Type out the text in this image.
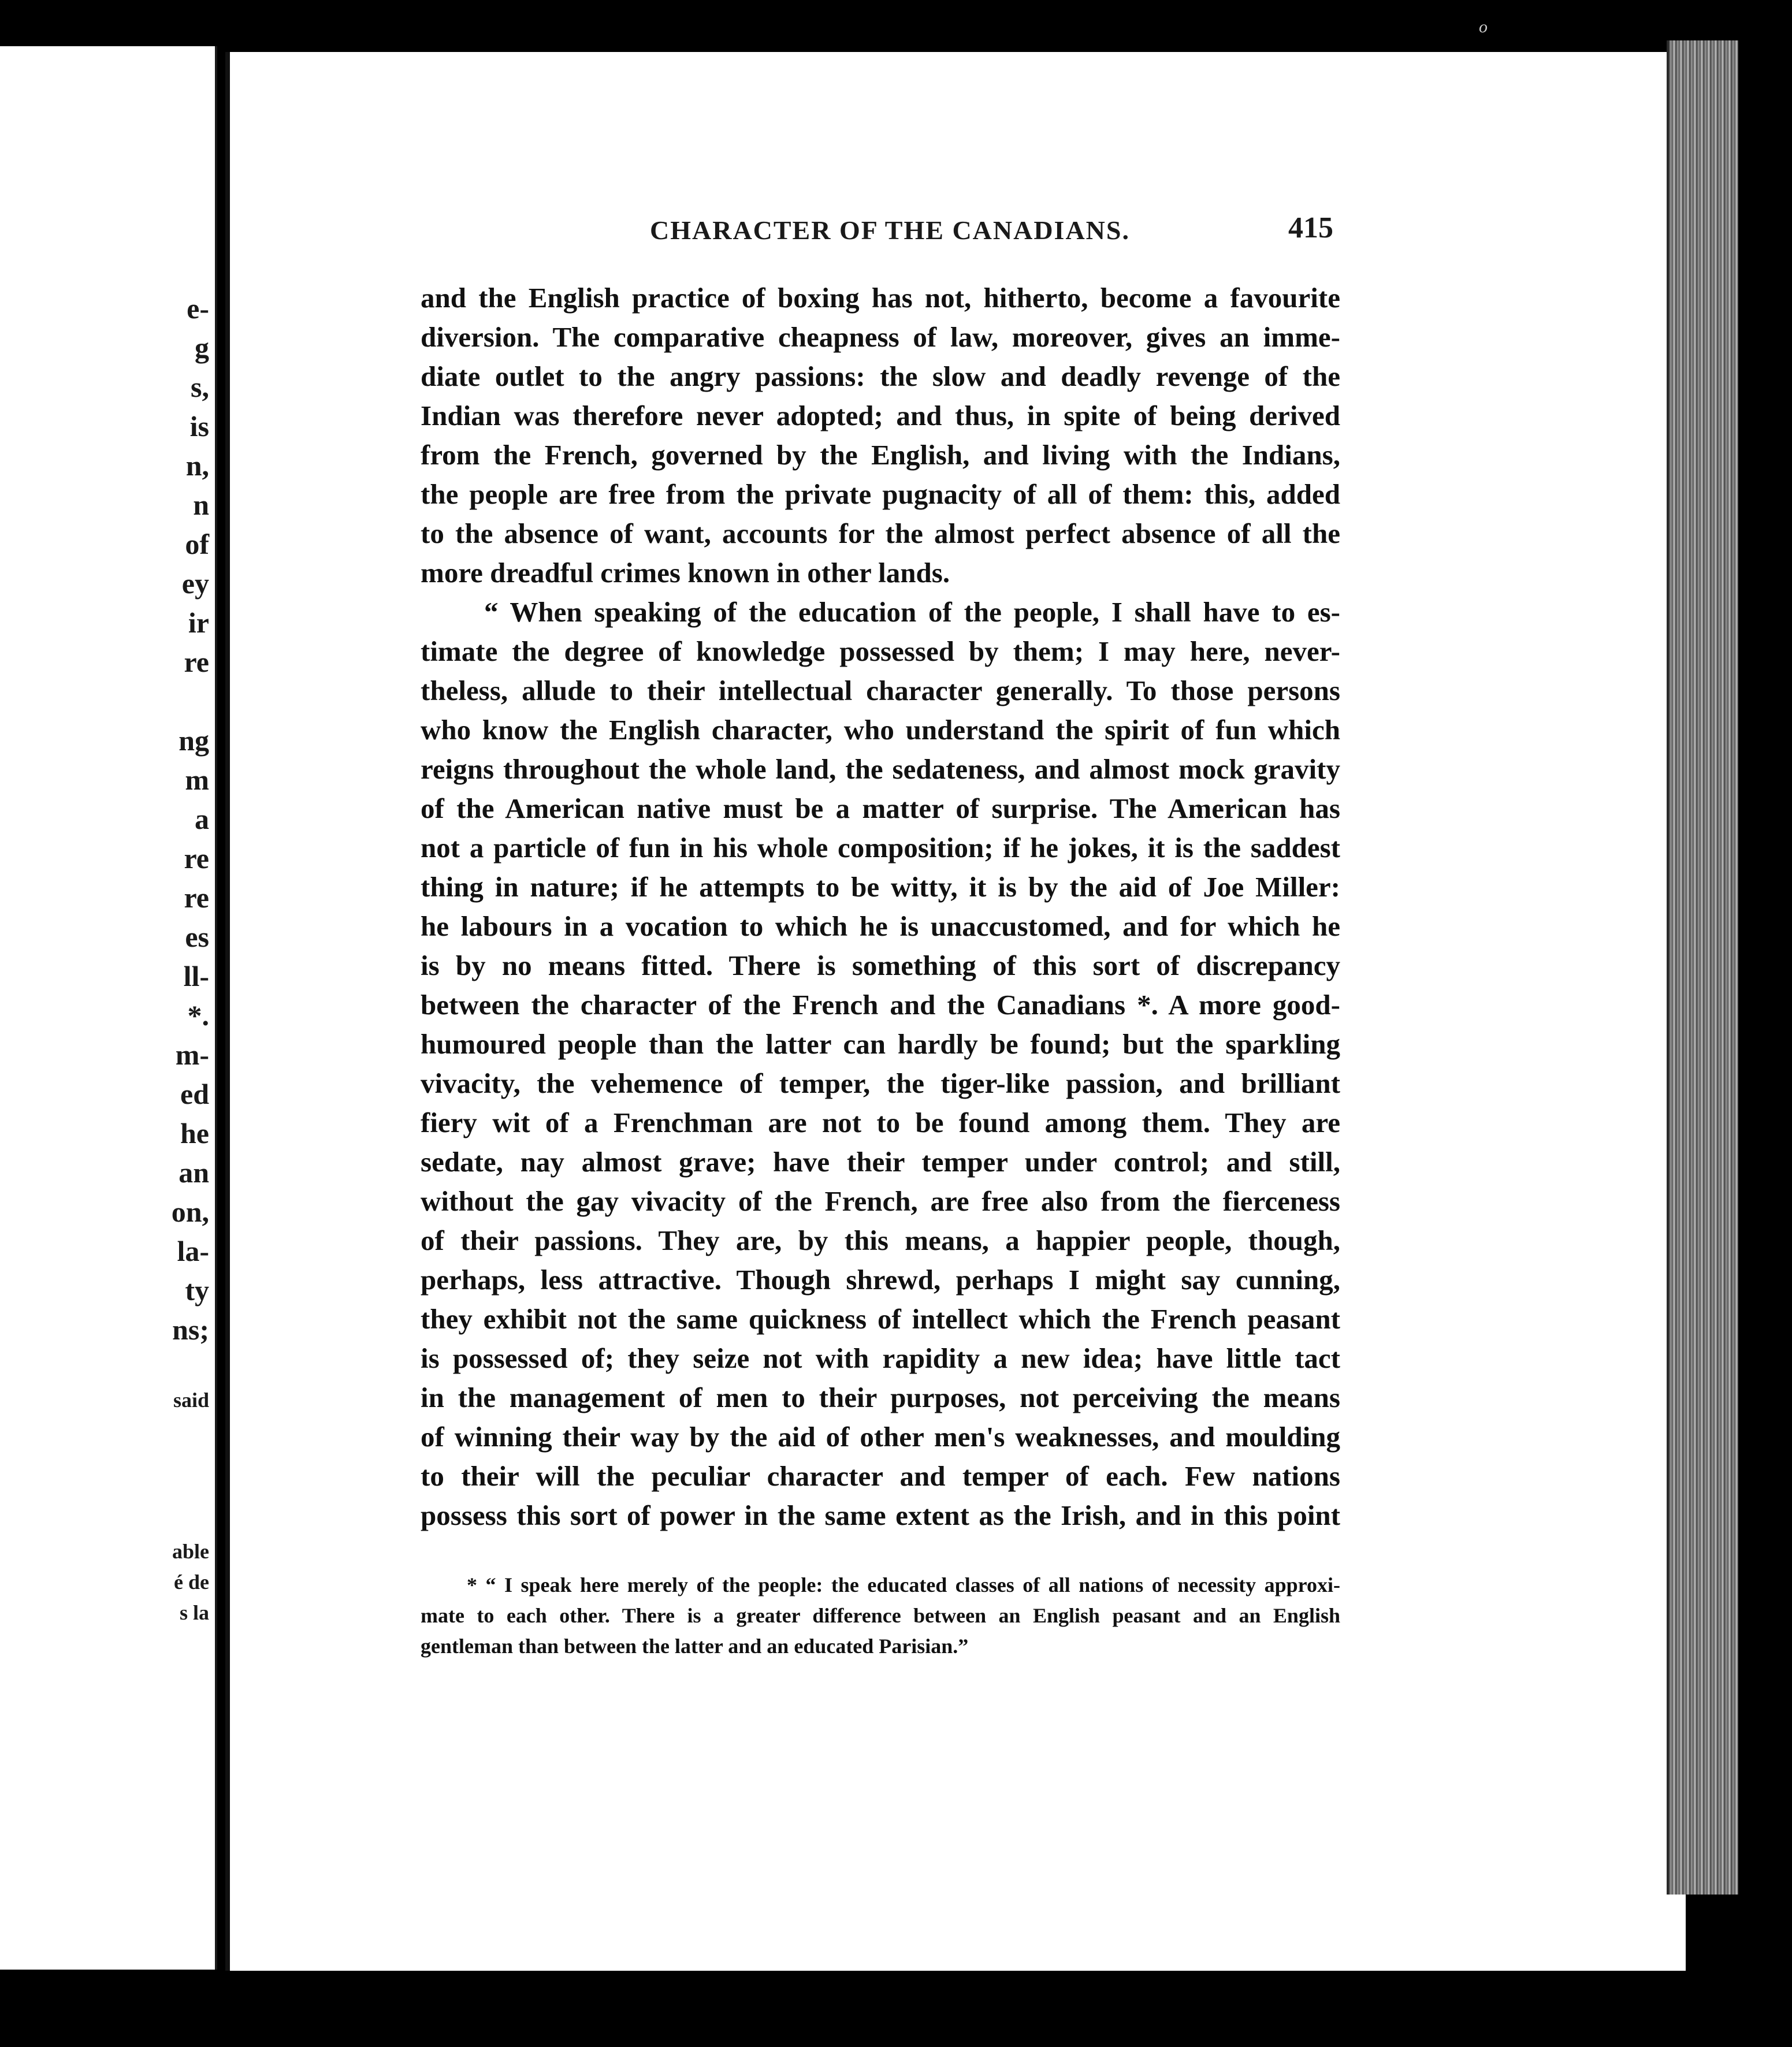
e-
g
s,
is
n,
n
of
ey
ir
re
ng
m
a
re
re
es
ll-
*.
m-
ed
he
an
on,
la-
ty
ns;
said
able
é de
s la
o
CHARACTER OF THE CANADIANS.	415
and the English practice of boxing has not, hitherto, become a favourite
diversion. The comparative cheapness of law, moreover, gives an imme-
diate outlet to the angry passions: the slow and deadly revenge of the
Indian was therefore never adopted; and thus, in spite of being derived
from the French, governed by the English, and living with the Indians,
the people are free from the private pugnacity of all of them: this, added
to the absence of want, accounts for the almost perfect absence of all the
more dreadful crimes known in other lands.
“ When speaking of the education of the people, I shall have to es-
timate the degree of knowledge possessed by them; I may here, never-
theless, allude to their intellectual character generally. To those persons
who know the English character, who understand the spirit of fun which
reigns throughout the whole land, the sedateness, and almost mock gravity
of the American native must be a matter of surprise. The American has
not a particle of fun in his whole composition; if he jokes, it is the saddest
thing in nature; if he attempts to be witty, it is by the aid of Joe Miller:
he labours in a vocation to which he is unaccustomed, and for which he
is by no means fitted. There is something of this sort of discrepancy
between the character of the French and the Canadians *. A more good-
humoured people than the latter can hardly be found; but the sparkling
vivacity, the vehemence of temper, the tiger-like passion, and brilliant
fiery wit of a Frenchman are not to be found among them. They are
sedate, nay almost grave; have their temper under control; and still,
without the gay vivacity of the French, are free also from the fierceness
of their passions. They are, by this means, a happier people, though,
perhaps, less attractive. Though shrewd, perhaps I might say cunning,
they exhibit not the same quickness of intellect which the French peasant
is possessed of; they seize not with rapidity a new idea; have little tact
in the management of men to their purposes, not perceiving the means
of winning their way by the aid of other men's weaknesses, and moulding
to their will the peculiar character and temper of each. Few nations
possess this sort of power in the same extent as the Irish, and in this point
* “ I speak here merely of the people: the educated classes of all nations of necessity approxi-
mate to each other. There is a greater difference between an English peasant and an English
gentleman than between the latter and an educated Parisian.”
